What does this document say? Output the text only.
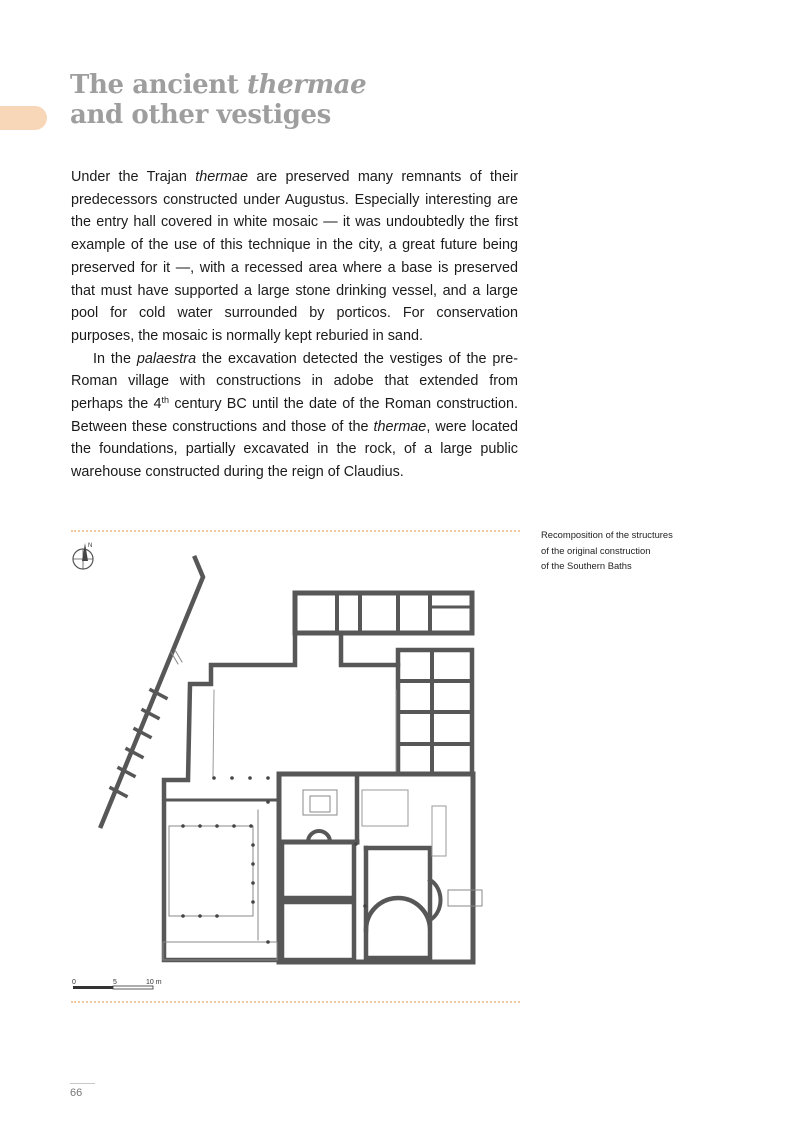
The ancient thermae
and other vestiges

Under the Trajan thermae are preserved many remnants of their predecessors constructed under Augustus. Especially interesting are the entry hall covered in white mosaic — it was undoubtedly the first example of the use of this technique in the city, a great future being preserved for it —, with a recessed area where a base is preserved that must have supported a large stone drinking vessel, and a large pool for cold water surrounded by porticos. For conservation purposes, the mosaic is normally kept reburied in sand.

In the palaestra the excavation detected the vestiges of the pre-Roman village with constructions in adobe that extended from perhaps the 4th century BC until the date of the Roman construction. Between these constructions and those of the thermae, were located the foundations, partially excavated in the rock, of a large public warehouse constructed during the reign of Claudius.

Recomposition of the structures
of the original construction
of the Southern Baths
N
0	5	10 m
66
